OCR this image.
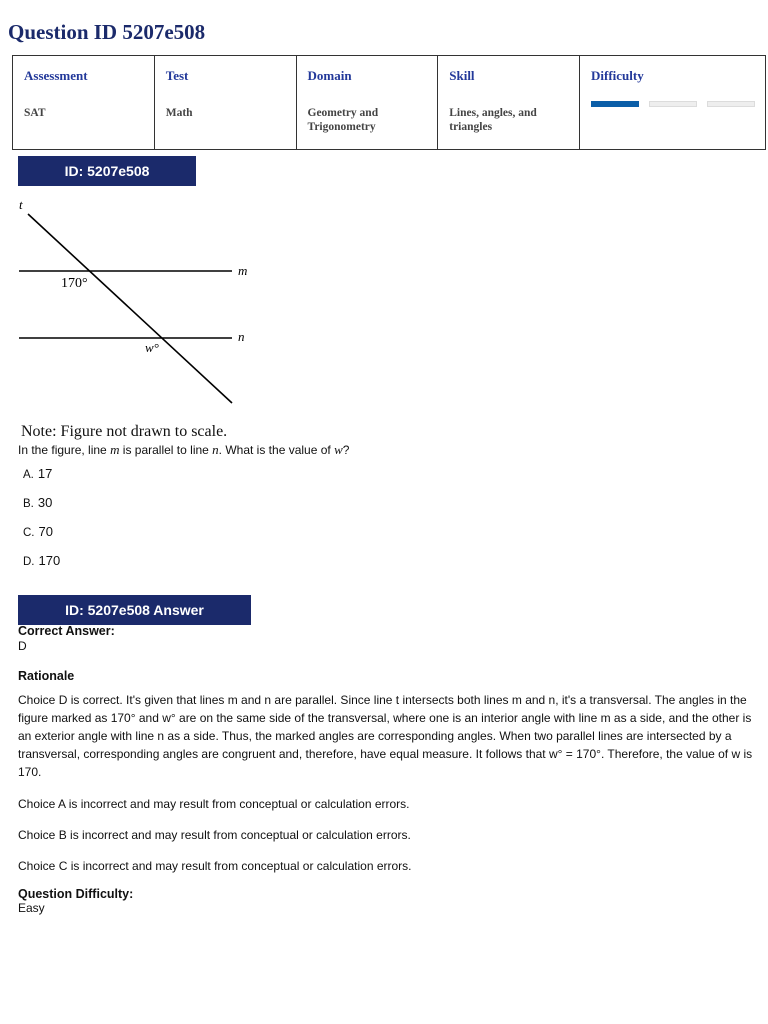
Question ID 5207e508
Assessment
SAT
Test
Math
Domain
Geometry and Trigonometry
Skill
Lines, angles, and triangles
Difficulty
ID: 5207e508
t
m
n
170°
w°
Note: Figure not drawn to scale.
In the figure, line m is parallel to line n. What is the value of w?
A. 17
B. 30
C. 70
D. 170
ID: 5207e508 Answer
Correct Answer:
D
Rationale

Choice D is correct. It's given that lines m and n are parallel. Since line t intersects both lines m and n, it's a transversal. The angles in the figure marked as 170° and w° are on the same side of the transversal, where one is an interior angle with line m as a side, and the other is an exterior angle with line n as a side. Thus, the marked angles are corresponding angles. When two parallel lines are intersected by a transversal, corresponding angles are congruent and, therefore, have equal measure. It follows that w° = 170°. Therefore, the value of w is 170.

Choice A is incorrect and may result from conceptual or calculation errors.

Choice B is incorrect and may result from conceptual or calculation errors.

Choice C is incorrect and may result from conceptual or calculation errors.

Question Difficulty:
Easy
